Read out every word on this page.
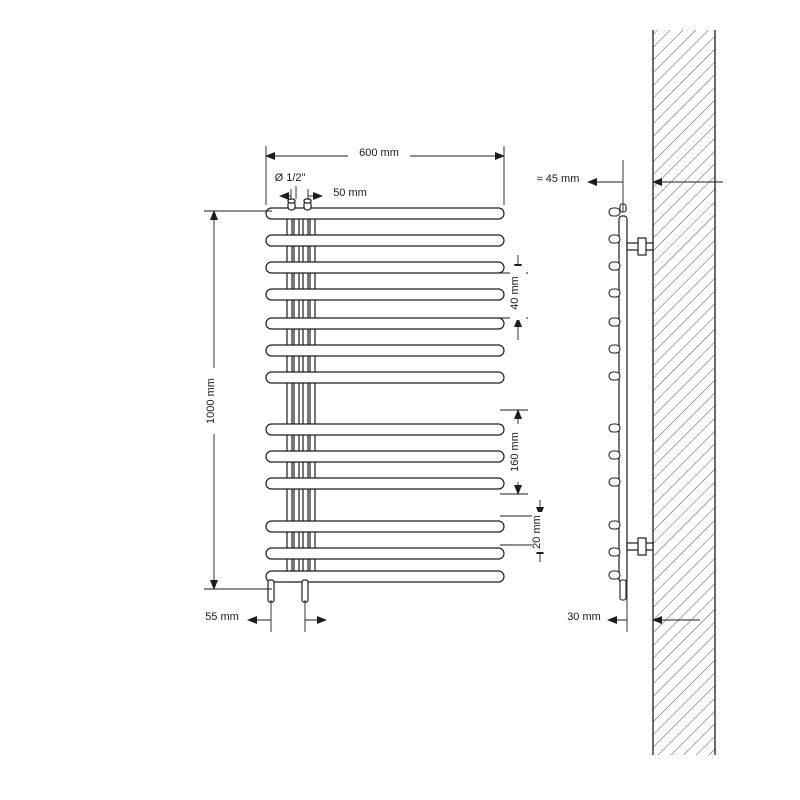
600 mm
Ø 1/2"
50 mm
1000 mm
40 mm
160 mm
20 mm
55 mm
≈ 45 mm
30 mm
